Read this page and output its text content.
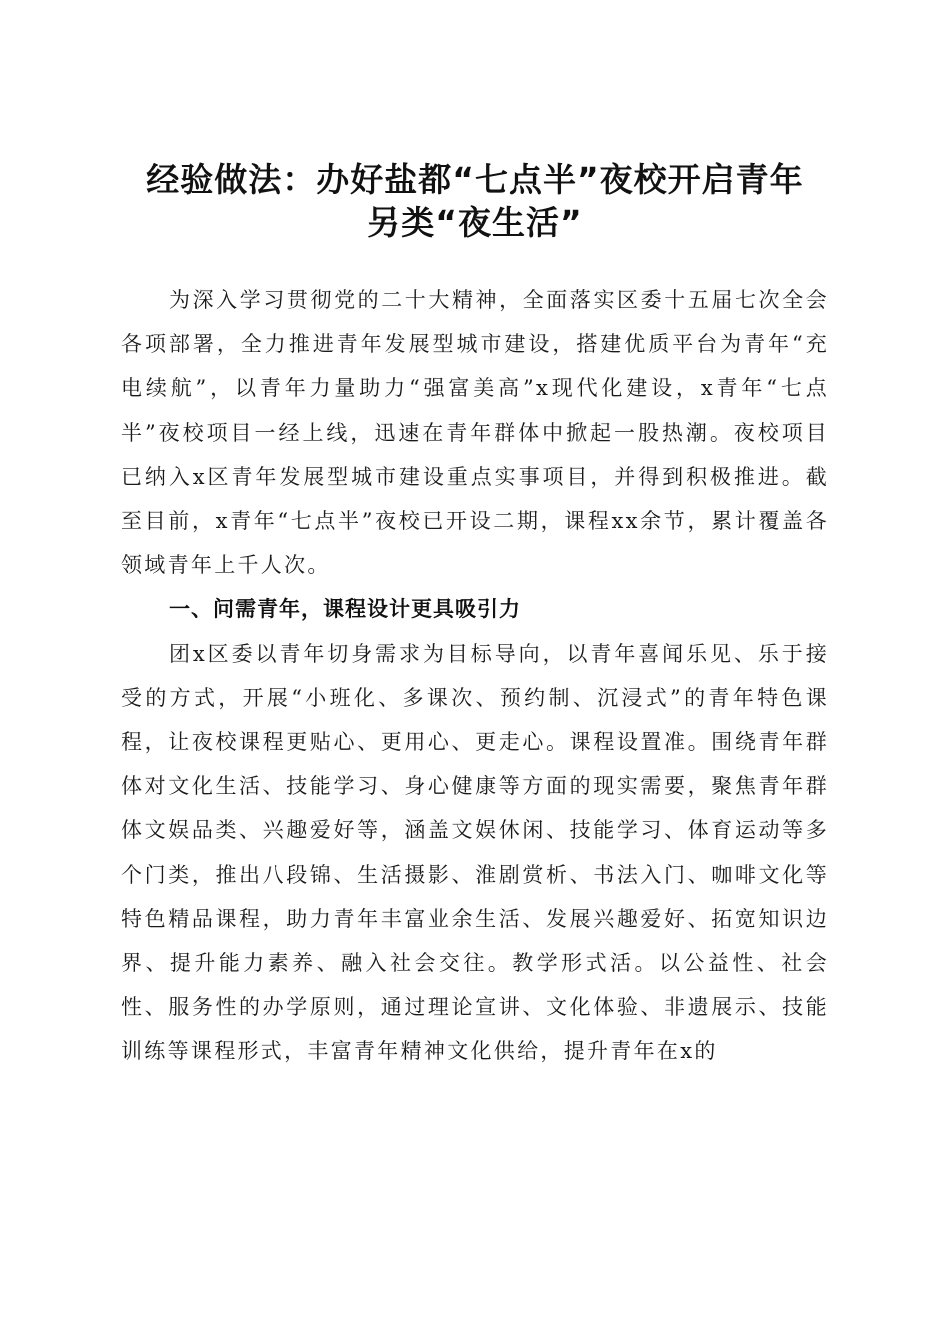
经验做法：办好盐都“七点半”夜校开启青年
另类“夜生活”

为深入学习贯彻党的二十大精神，全面落实区委十五届七次全会各项部署，全力推进青年发展型城市建设，搭建优质平台为青年“充电续航”，以青年力量助力“强富美高”x现代化建设，x青年“七点半”夜校项目一经上线，迅速在青年群体中掀起一股热潮。夜校项目已纳入x区青年发展型城市建设重点实事项目，并得到积极推进。截至目前，x青年“七点半”夜校已开设二期，课程xx余节，累计覆盖各领域青年上千人次。

一、问需青年，课程设计更具吸引力

团x区委以青年切身需求为目标导向，以青年喜闻乐见、乐于接受的方式，开展“小班化、多课次、预约制、沉浸式”的青年特色课程，让夜校课程更贴心、更用心、更走心。课程设置准。围绕青年群体对文化生活、技能学习、身心健康等方面的现实需要，聚焦青年群体文娱品类、兴趣爱好等，涵盖文娱休闲、技能学习、体育运动等多个门类，推出八段锦、生活摄影、淮剧赏析、书法入门、咖啡文化等特色精品课程，助力青年丰富业余生活、发展兴趣爱好、拓宽知识边界、提升能力素养、融入社会交往。教学形式活。以公益性、社会性、服务性的办学原则，通过理论宣讲、文化体验、非遗展示、技能训练等课程形式，丰富青年精神文化供给，提升青年在x的
